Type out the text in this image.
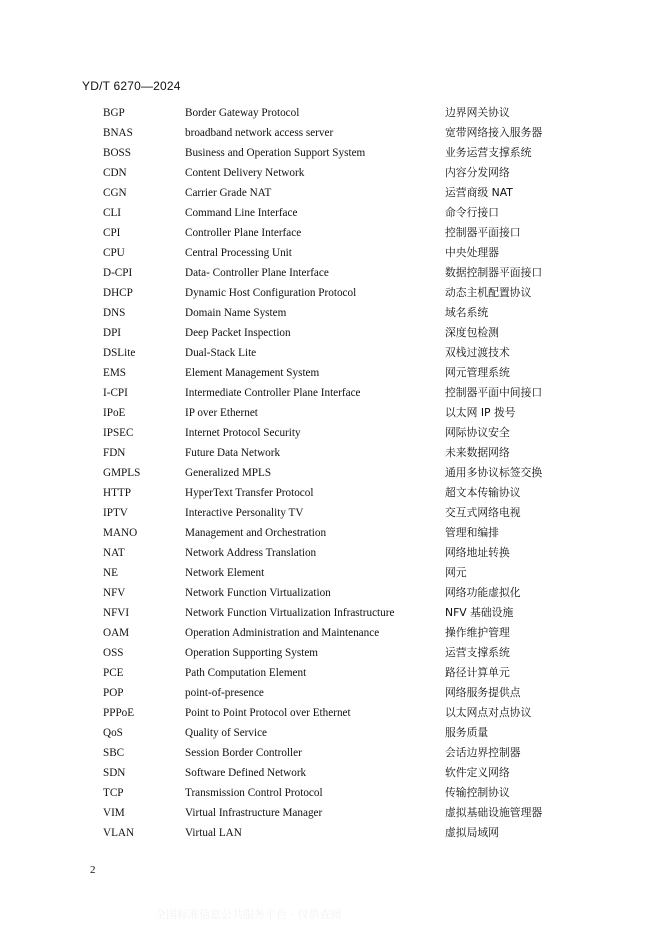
YD/T 6270—2024
BGP	Border Gateway Protocol	边界网关协议
BNAS	broadband network access server	宽带网络接入服务器
BOSS	Business and Operation Support System	业务运营支撑系统
CDN	Content Delivery Network	内容分发网络
CGN	Carrier Grade NAT	运营商级 NAT
CLI	Command Line Interface	命令行接口
CPI	Controller Plane Interface	控制器平面接口
CPU	Central Processing Unit	中央处理器
D-CPI	Data- Controller Plane Interface	数据控制器平面接口
DHCP	Dynamic Host Configuration Protocol	动态主机配置协议
DNS	Domain Name System	域名系统
DPI	Deep Packet Inspection	深度包检测
DSLite	Dual-Stack Lite	双栈过渡技术
EMS	Element Management System	网元管理系统
I-CPI	Intermediate Controller Plane Interface	控制器平面中间接口
IPoE	IP over Ethernet	以太网 IP 拨号
IPSEC	Internet Protocol Security	网际协议安全
FDN	Future Data Network	未来数据网络
GMPLS	Generalized MPLS	通用多协议标签交换
HTTP	HyperText Transfer Protocol	超文本传输协议
IPTV	Interactive Personality TV	交互式网络电视
MANO	Management and Orchestration	管理和编排
NAT	Network Address Translation	网络地址转换
NE	Network Element	网元
NFV	Network Function Virtualization	网络功能虚拟化
NFVI	Network Function Virtualization Infrastructure	NFV 基础设施
OAM	Operation Administration and Maintenance	操作维护管理
OSS	Operation Supporting System	运营支撑系统
PCE	Path Computation Element	路径计算单元
POP	point-of-presence	网络服务提供点
PPPoE	Point to Point Protocol over Ethernet	以太网点对点协议
QoS	Quality of Service	服务质量
SBC	Session Border Controller	会话边界控制器
SDN	Software Defined Network	软件定义网络
TCP	Transmission Control Protocol	传输控制协议
VIM	Virtual Infrastructure Manager	虚拟基础设施管理器
VLAN	Virtual LAN	虚拟局域网
2
全国标准信息公共服务平台 · 仅供查阅
